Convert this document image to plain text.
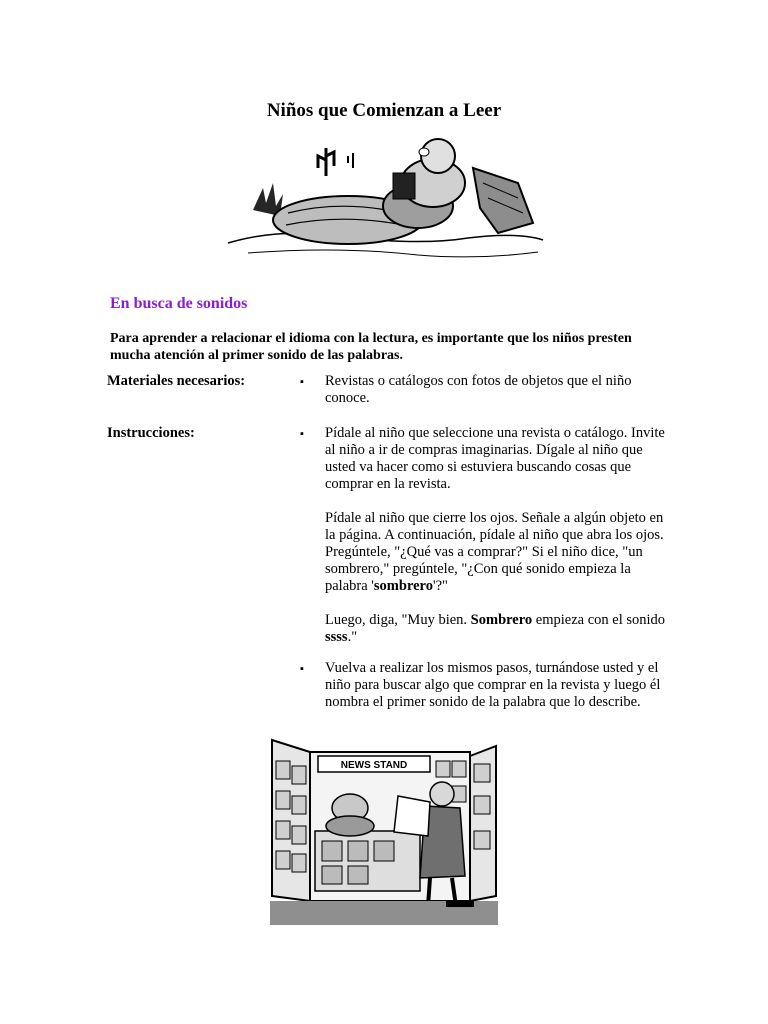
Niños que Comienzan a Leer
En busca de sonidos
Para aprender a relacionar el idioma con la lectura, es importante que los niños presten mucha atención al primer sonido de las palabras.
Materiales necesarios:	▪ Revistas o catálogos con fotos de objetos que el niño conoce.
Instrucciones:	▪ Pídale al niño que seleccione una revista o catálogo. Invite al niño a ir de compras imaginarias. Dígale al niño que usted va hacer como si estuviera buscando cosas que comprar en la revista.

Pídale al niño que cierre los ojos. Señale a algún objeto en la página. A continuación, pídale al niño que abra los ojos. Pregúntele, "¿Qué vas a comprar?" Si el niño dice, "un sombrero," pregúntele, "¿Con qué sonido empieza la palabra 'sombrero'?"

Luego, diga, "Muy bien. Sombrero empieza con el sonido ssss."

▪ Vuelva a realizar los mismos pasos, turnándose usted y el niño para buscar algo que comprar en la revista y luego él nombra el primer sonido de la palabra que lo describe.
NEWS STAND
